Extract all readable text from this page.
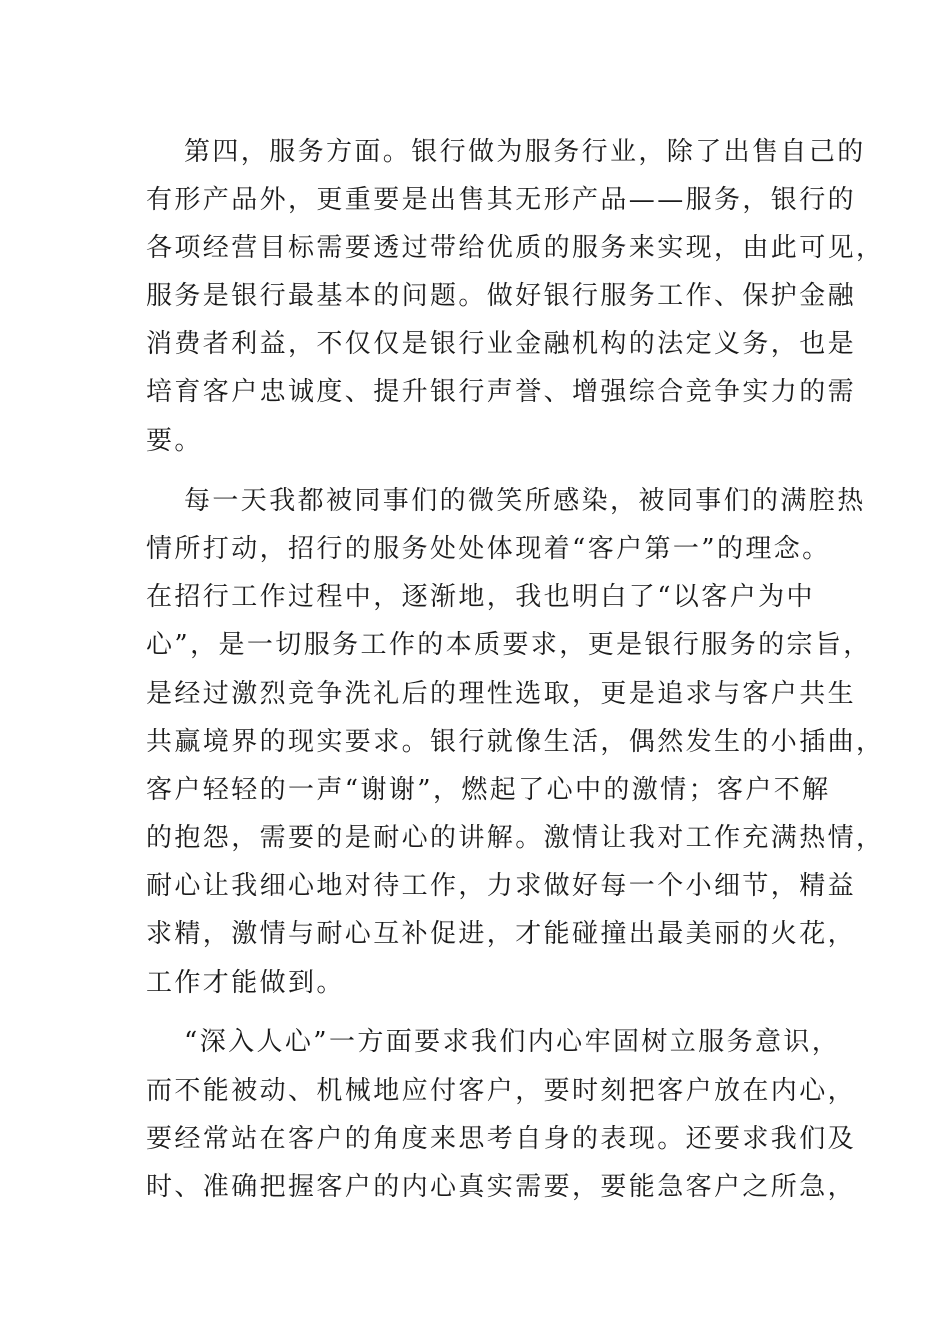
第四，服务方面。银行做为服务行业，除了出售自己的

有形产品外，更重要是出售其无形产品——服务，银行的

各项经营目标需要透过带给优质的服务来实现，由此可见，

服务是银行最基本的问题。做好银行服务工作、保护金融

消费者利益，不仅仅是银行业金融机构的法定义务，也是

培育客户忠诚度、提升银行声誉、增强综合竞争实力的需

要。

每一天我都被同事们的微笑所感染，被同事们的满腔热

情所打动，招行的服务处处体现着“客户第一”的理念。

在招行工作过程中，逐渐地，我也明白了“以客户为中

心”，是一切服务工作的本质要求，更是银行服务的宗旨，

是经过激烈竞争洗礼后的理性选取，更是追求与客户共生

共赢境界的现实要求。银行就像生活，偶然发生的小插曲，

客户轻轻的一声“谢谢”，燃起了心中的激情；客户不解

的抱怨，需要的是耐心的讲解。激情让我对工作充满热情，

耐心让我细心地对待工作，力求做好每一个小细节，精益

求精，激情与耐心互补促进，才能碰撞出最美丽的火花，

工作才能做到。

“深入人心”一方面要求我们内心牢固树立服务意识，

而不能被动、机械地应付客户，要时刻把客户放在内心，

要经常站在客户的角度来思考自身的表现。还要求我们及

时、准确把握客户的内心真实需要，要能急客户之所急，
